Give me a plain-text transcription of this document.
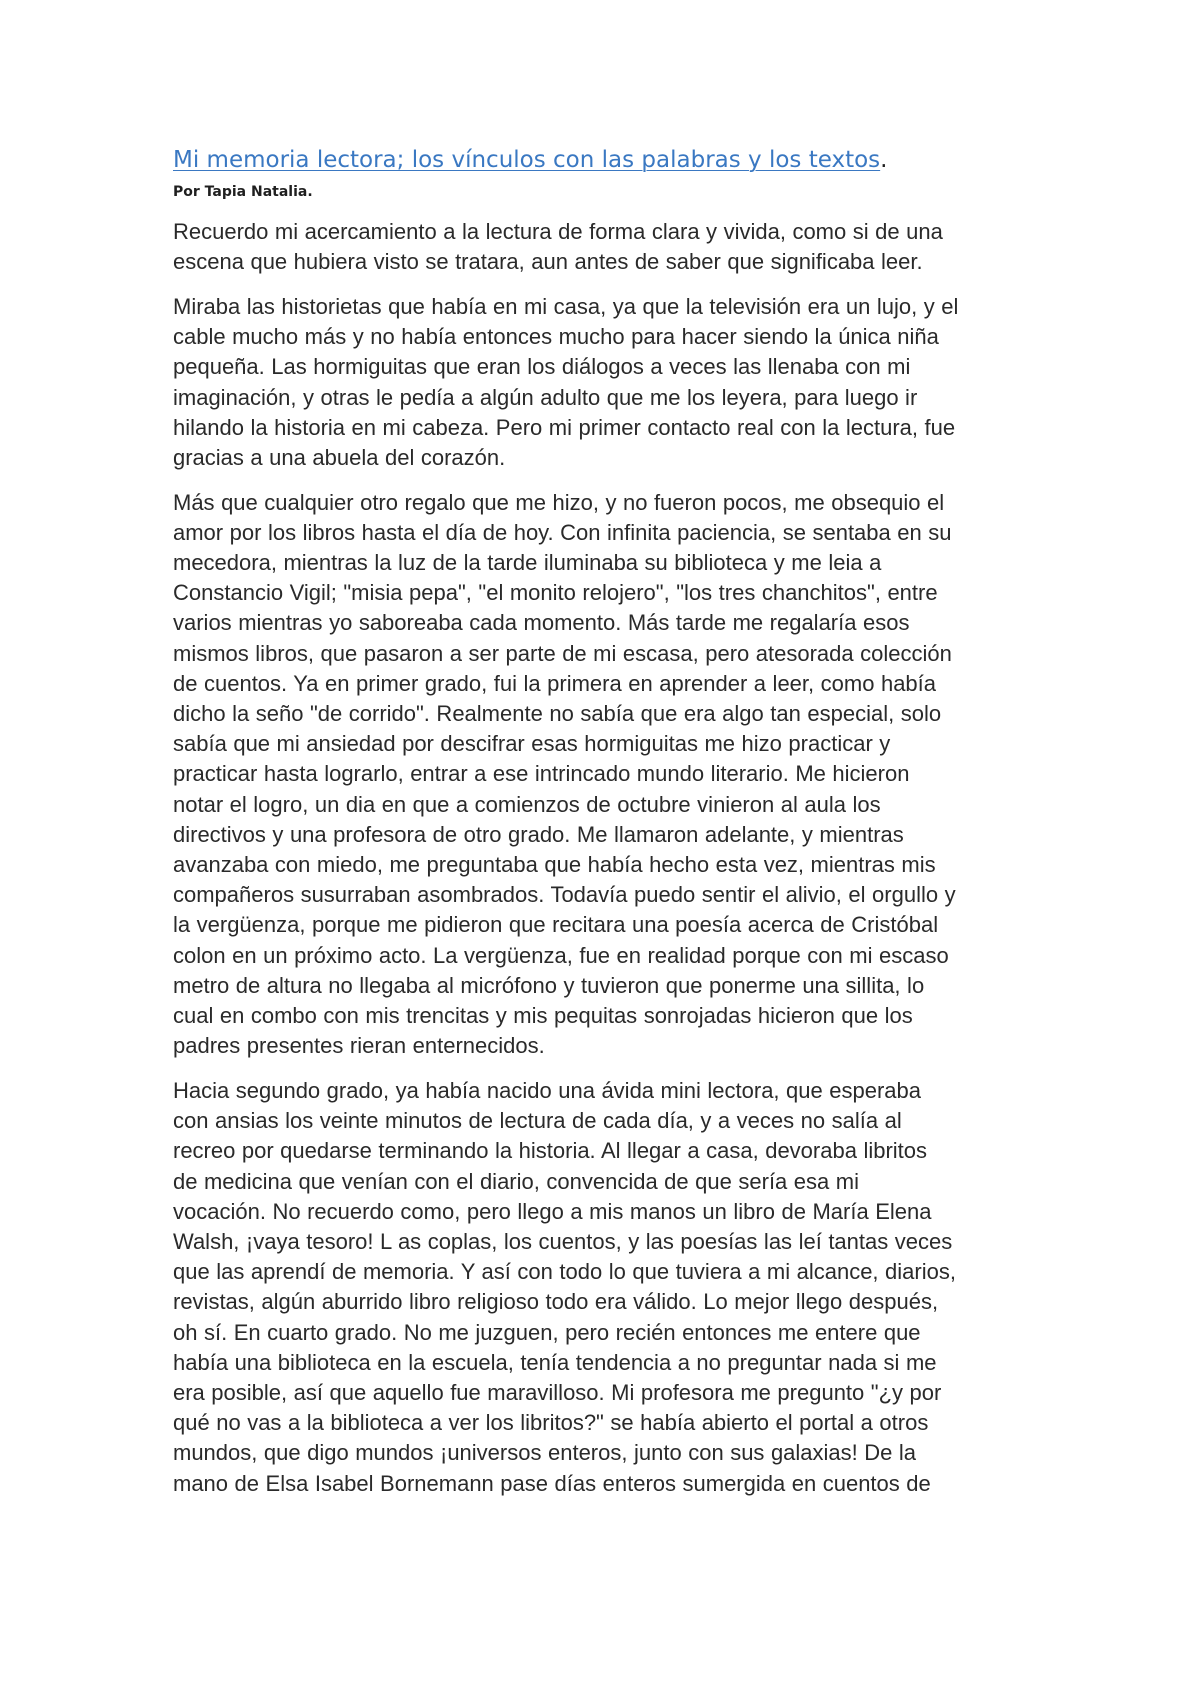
Mi memoria lectora; los vínculos con las palabras y los textos.

Por Tapia Natalia.

Recuerdo mi acercamiento a la lectura de forma clara y vivida, como si de una
escena que hubiera visto se tratara, aun antes de saber que significaba leer.

Miraba las historietas que había en mi casa, ya que la televisión era un lujo, y el
cable mucho más y no había entonces mucho para hacer siendo la única niña
pequeña. Las hormiguitas que eran los diálogos a veces las llenaba con mi
imaginación, y otras le pedía a algún adulto que me los leyera, para luego ir
hilando la historia en mi cabeza. Pero mi primer contacto real con la lectura, fue
gracias a una abuela del corazón.

Más que cualquier otro regalo que me hizo, y no fueron pocos, me obsequio el
amor por los libros hasta el día de hoy. Con infinita paciencia, se sentaba en su
mecedora, mientras la luz de la tarde iluminaba su biblioteca y me leia a
Constancio Vigil; "misia pepa", "el monito relojero", "los tres chanchitos", entre
varios mientras yo saboreaba cada momento. Más tarde me regalaría esos
mismos libros, que pasaron a ser parte de mi escasa, pero atesorada colección
de cuentos. Ya en primer grado, fui la primera en aprender a leer, como había
dicho la seño "de corrido". Realmente no sabía que era algo tan especial, solo
sabía que mi ansiedad por descifrar esas hormiguitas me hizo practicar y
practicar hasta lograrlo, entrar a ese intrincado mundo literario. Me hicieron
notar el logro, un dia en que a comienzos de octubre vinieron al aula los
directivos y una profesora de otro grado. Me llamaron adelante, y mientras
avanzaba con miedo, me preguntaba que había hecho esta vez, mientras mis
compañeros susurraban asombrados. Todavía puedo sentir el alivio, el orgullo y
la vergüenza, porque me pidieron que recitara una poesía acerca de Cristóbal
colon en un próximo acto. La vergüenza, fue en realidad porque con mi escaso
metro de altura no llegaba al micrófono y tuvieron que ponerme una sillita, lo
cual en combo con mis trencitas y mis pequitas sonrojadas hicieron que los
padres presentes rieran enternecidos.

Hacia segundo grado, ya había nacido una ávida mini lectora, que esperaba
con ansias los veinte minutos de lectura de cada día, y a veces no salía al
recreo por quedarse terminando la historia. Al llegar a casa, devoraba libritos
de medicina que venían con el diario, convencida de que sería esa mi
vocación. No recuerdo como, pero llego a mis manos un libro de María Elena
Walsh, ¡vaya tesoro! L as coplas, los cuentos, y las poesías las leí tantas veces
que las aprendí de memoria. Y así con todo lo que tuviera a mi alcance, diarios,
revistas, algún aburrido libro religioso todo era válido. Lo mejor llego después,
oh sí. En cuarto grado. No me juzguen, pero recién entonces me entere que
había una biblioteca en la escuela, tenía tendencia a no preguntar nada si me
era posible, así que aquello fue maravilloso. Mi profesora me pregunto "¿y por
qué no vas a la biblioteca a ver los libritos?" se había abierto el portal a otros
mundos, que digo mundos ¡universos enteros, junto con sus galaxias! De la
mano de Elsa Isabel Bornemann pase días enteros sumergida en cuentos de
